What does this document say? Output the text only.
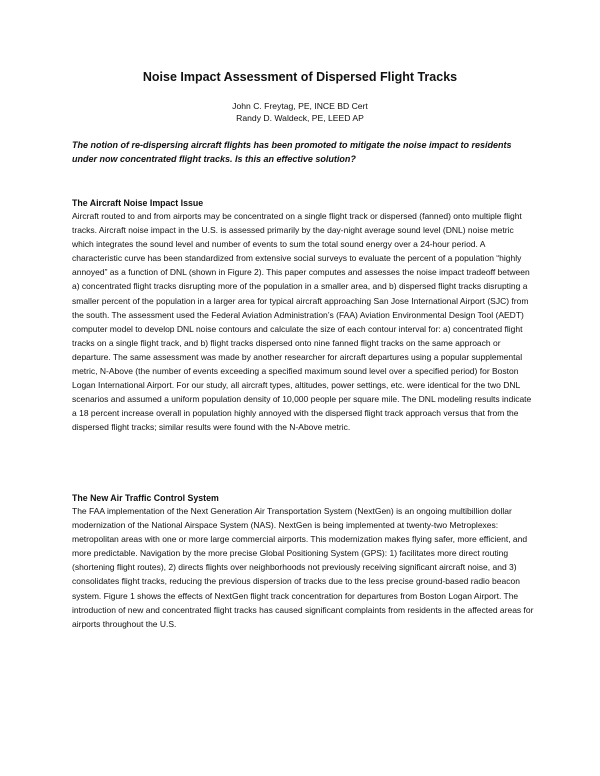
Noise Impact Assessment of Dispersed Flight Tracks

John C. Freytag, PE, INCE BD Cert

Randy D. Waldeck, PE, LEED AP

The notion of re-dispersing aircraft flights has been promoted to mitigate the noise impact to residents under now concentrated flight tracks. Is this an effective solution?

The Aircraft Noise Impact Issue

Aircraft routed to and from airports may be concentrated on a single flight track or dispersed (fanned) onto multiple flight tracks. Aircraft noise impact in the U.S. is assessed primarily by the day-night average sound level (DNL) noise metric which integrates the sound level and number of events to sum the total sound energy over a 24-hour period. A characteristic curve has been standardized from extensive social surveys to evaluate the percent of a population “highly annoyed” as a function of DNL (shown in Figure 2). This paper computes and assesses the noise impact tradeoff between a) concentrated flight tracks disrupting more of the population in a smaller area, and b) dispersed flight tracks disrupting a smaller percent of the population in a larger area for typical aircraft approaching San Jose International Airport (SJC) from the south. The assessment used the Federal Aviation Administration’s (FAA) Aviation Environmental Design Tool (AEDT) computer model to develop DNL noise contours and calculate the size of each contour interval for: a) concentrated flight tracks on a single flight track, and b) flight tracks dispersed onto nine fanned flight tracks on the same approach or departure. The same assessment was made by another researcher for aircraft departures using a popular supplemental metric, N-Above (the number of events exceeding a specified maximum sound level over a specified period) for Boston Logan International Airport. For our study, all aircraft types, altitudes, power settings, etc. were identical for the two DNL scenarios and assumed a uniform population density of 10,000 people per square mile. The DNL modeling results indicate a 18 percent increase overall in population highly annoyed with the dispersed flight track approach versus that from the dispersed flight tracks; similar results were found with the N-Above metric.

The New Air Traffic Control System

The FAA implementation of the Next Generation Air Transportation System (NextGen) is an ongoing multibillion dollar modernization of the National Airspace System (NAS). NextGen is being implemented at twenty-two Metroplexes: metropolitan areas with one or more large commercial airports. This modernization makes flying safer, more efficient, and more predictable. Navigation by the more precise Global Positioning System (GPS): 1) facilitates more direct routing (shortening flight routes), 2) directs flights over neighborhoods not previously receiving significant aircraft noise, and 3) consolidates flight tracks, reducing the previous dispersion of tracks due to the less precise ground-based radio beacon system. Figure 1 shows the effects of NextGen flight track concentration for departures from Boston Logan Airport. The introduction of new and concentrated flight tracks has caused significant complaints from residents in the affected areas for airports throughout the U.S.
